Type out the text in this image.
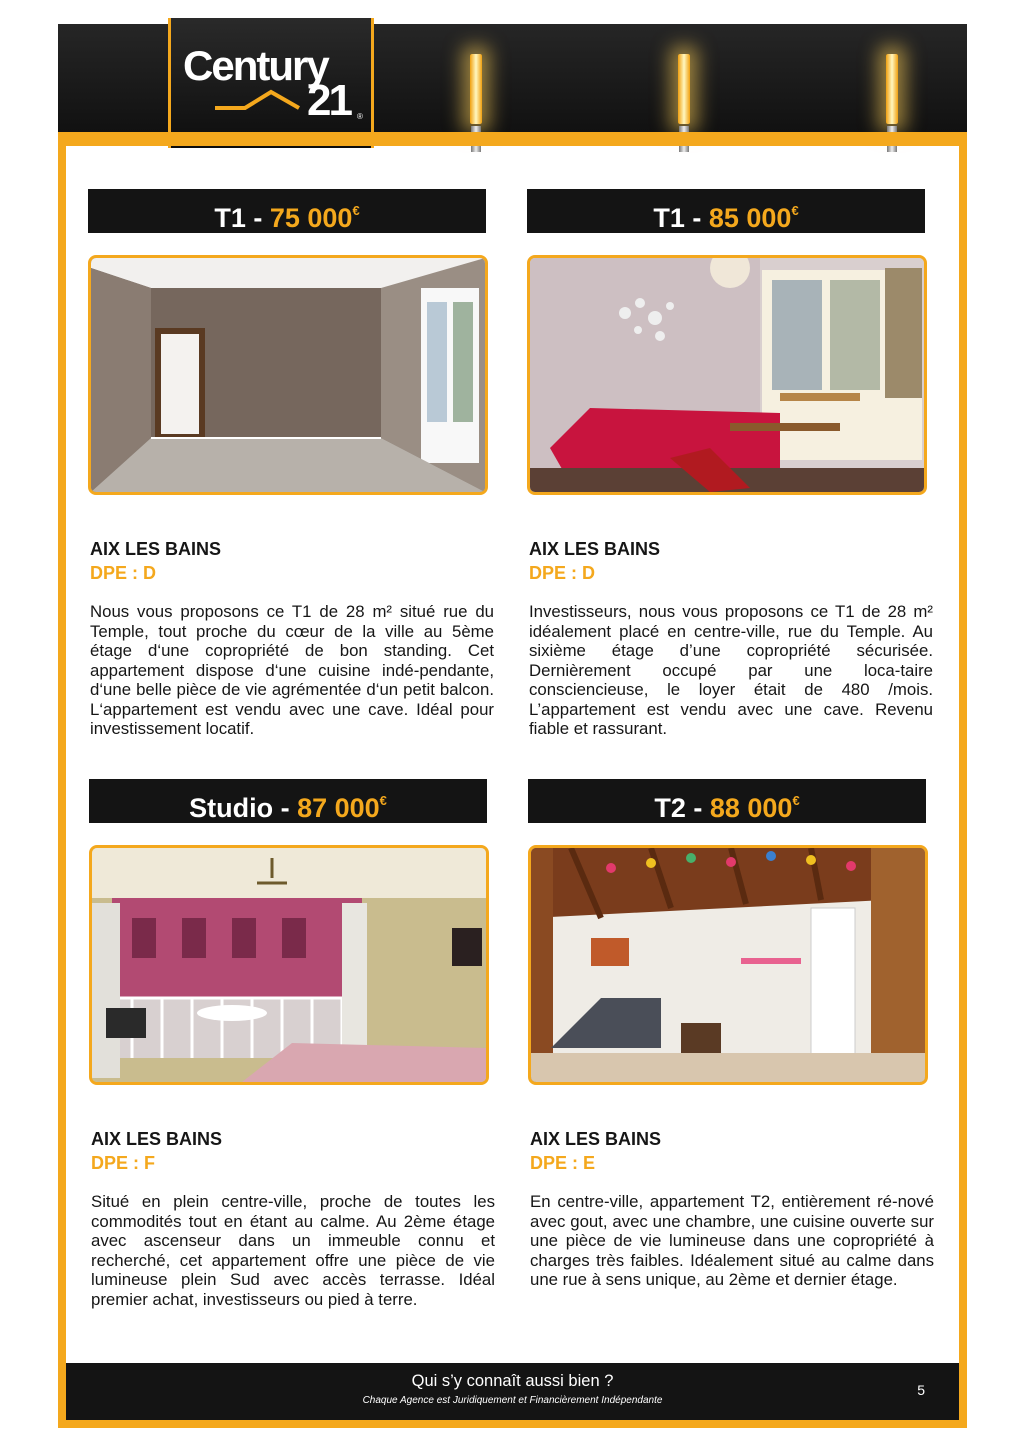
Century
21 ®
T1 - 75 000€
AIX LES BAINS
DPE : D
Nous vous proposons ce T1 de 28 m² situé rue du Temple, tout proche du cœur de la ville au 5ème étage d‘une copropriété de bon standing. Cet appartement dispose d‘une cuisine indé-pendante, d‘une belle pièce de vie agrémentée d‘un petit balcon. L‘appartement est vendu avec une cave. Idéal pour investissement locatif.
T1 - 85 000€
AIX LES BAINS
DPE : D
Investisseurs, nous vous proposons ce T1 de 28 m² idéalement placé en centre-ville, rue du Temple. Au sixième étage d’une copropriété sécurisée. Dernièrement occupé par une loca-taire consciencieuse, le loyer était de 480 /mois. L’appartement est vendu avec une cave. Revenu fiable et rassurant.
Studio - 87 000€
AIX LES BAINS
DPE : F
Situé en plein centre-ville, proche de toutes les commodités tout en étant au calme. Au 2ème étage avec ascenseur dans un immeuble connu et recherché, cet appartement offre une pièce de vie lumineuse plein Sud avec accès terrasse. Idéal premier achat, investisseurs ou pied à terre.
T2 - 88 000€
AIX LES BAINS
DPE : E
En centre-ville, appartement T2, entièrement ré-nové avec gout, avec une chambre, une cuisine ouverte sur une pièce de vie lumineuse dans une copropriété à charges très faibles. Idéalement situé au calme dans une rue à sens unique, au 2ème et dernier étage.
Qui s’y connaît aussi bien ?
Chaque Agence est Juridiquement et Financièrement Indépendante
5
